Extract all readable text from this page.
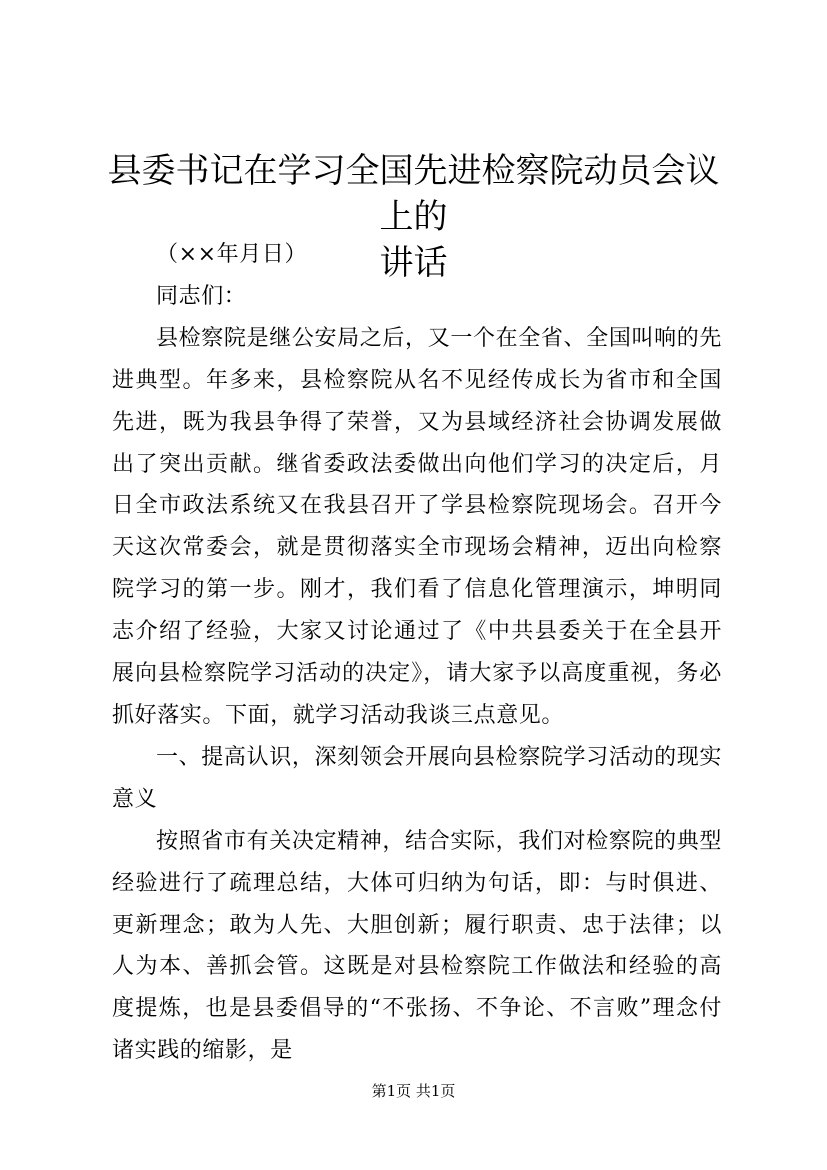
县委书记在学习全国先进检察院动员会议上的
讲话

（××年月日）

同志们：

县检察院是继公安局之后，又一个在全省、全国叫响的先进典型。年多来，县检察院从名不见经传成长为省市和全国先进，既为我县争得了荣誉，又为县域经济社会协调发展做出了突出贡献。继省委政法委做出向他们学习的决定后，月日全市政法系统又在我县召开了学县检察院现场会。召开今天这次常委会，就是贯彻落实全市现场会精神，迈出向检察院学习的第一步。刚才，我们看了信息化管理演示，坤明同志介绍了经验，大家又讨论通过了《中共县委关于在全县开展向县检察院学习活动的决定》，请大家予以高度重视，务必抓好落实。下面，就学习活动我谈三点意见。

一、提高认识，深刻领会开展向县检察院学习活动的现实意义

按照省市有关决定精神，结合实际，我们对检察院的典型经验进行了疏理总结，大体可归纳为句话，即：与时俱进、更新理念；敢为人先、大胆创新；履行职责、忠于法律；以人为本、善抓会管。这既是对县检察院工作做法和经验的高度提炼，也是县委倡导的“不张扬、不争论、不言败”理念付诸实践的缩影，是

第1页 共1页
